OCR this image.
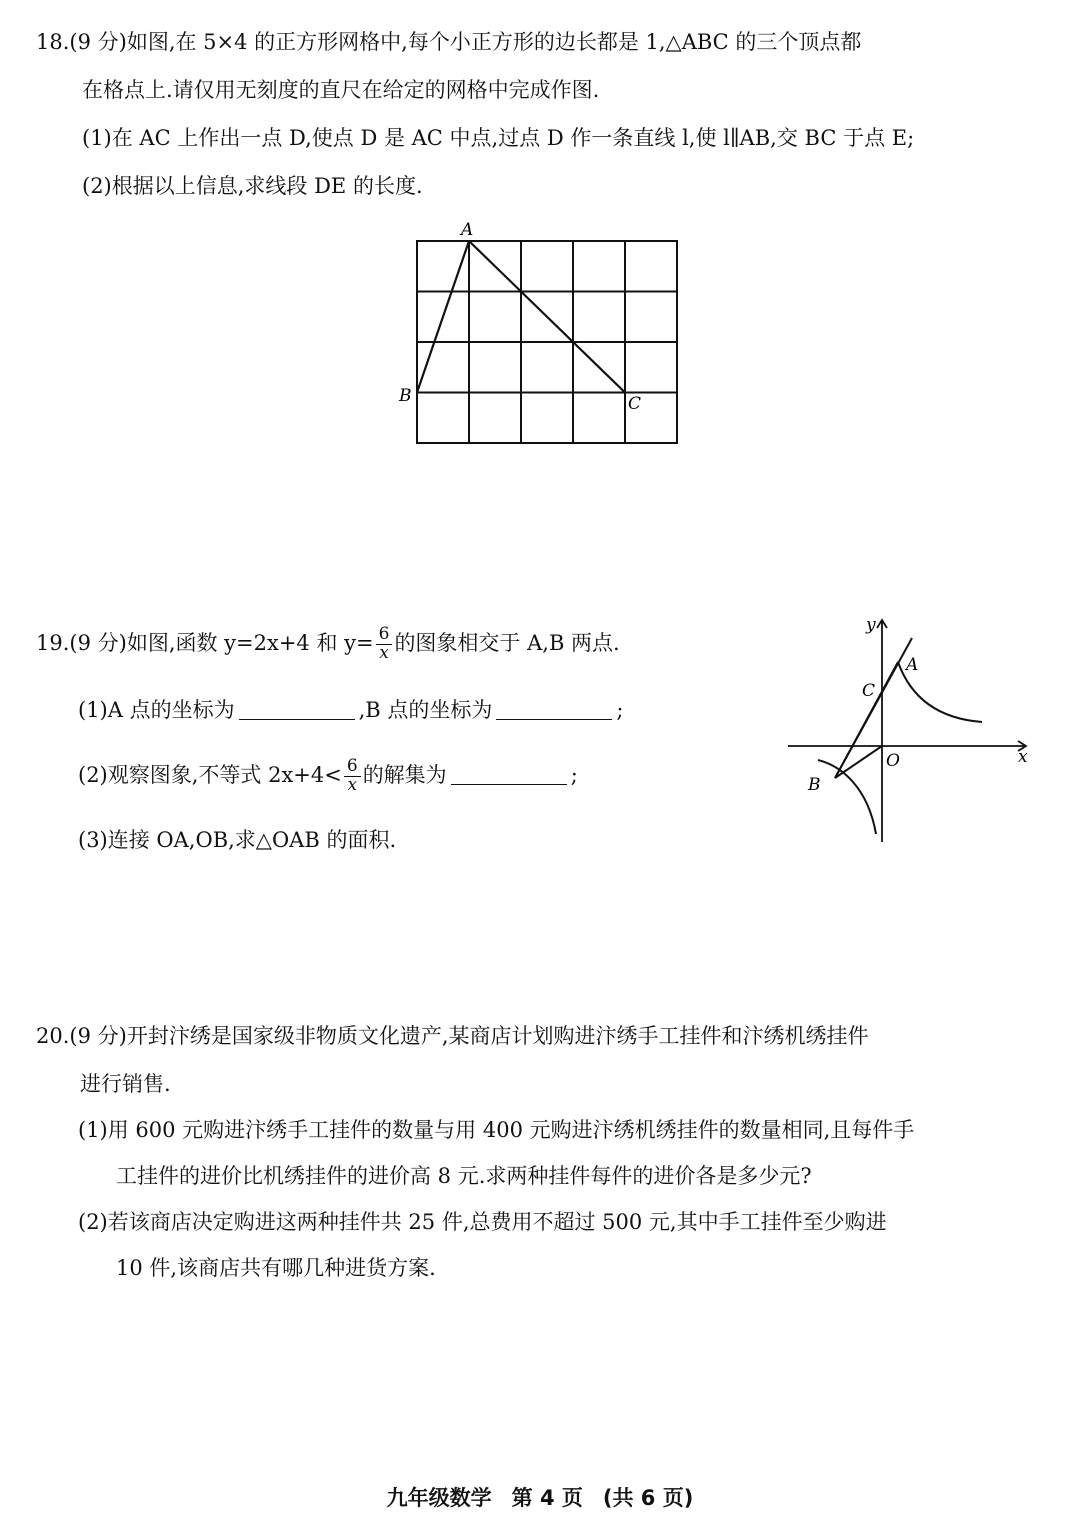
18.(9 分)如图,在 5×4 的正方形网格中,每个小正方形的边长都是 1,△ABC 的三个顶点都
在格点上.请仅用无刻度的直尺在给定的网格中完成作图.
(1)在 AC 上作出一点 D,使点 D 是 AC 中点,过点 D 作一条直线 l,使 l∥AB,交 BC 于点 E;
(2)根据以上信息,求线段 DE 的长度.
A
B	C
19.(9 分)如图,函数 y=2x+4 和 $y= \frac{6}{x}$ 的图象相交于 A,B 两点.
(1)A 点的坐标为	,B 点的坐标为	;
(2)观察图象,不等式 $2x+4< \frac{6}{x}$ 的解集为	;
(3)连接 OA,OB,求△OAB 的面积.
y
x
O
A
B
C
20.(9 分)开封汴绣是国家级非物质文化遗产,某商店计划购进汴绣手工挂件和汴绣机绣挂件
进行销售.
(1)用 600 元购进汴绣手工挂件的数量与用 400 元购进汴绣机绣挂件的数量相同,且每件手
工挂件的进价比机绣挂件的进价高 8 元.求两种挂件每件的进价各是多少元?
(2)若该商店决定购进这两种挂件共 25 件,总费用不超过 500 元,其中手工挂件至少购进
10 件,该商店共有哪几种进货方案.
九年级数学 第 4 页 (共 6 页)
